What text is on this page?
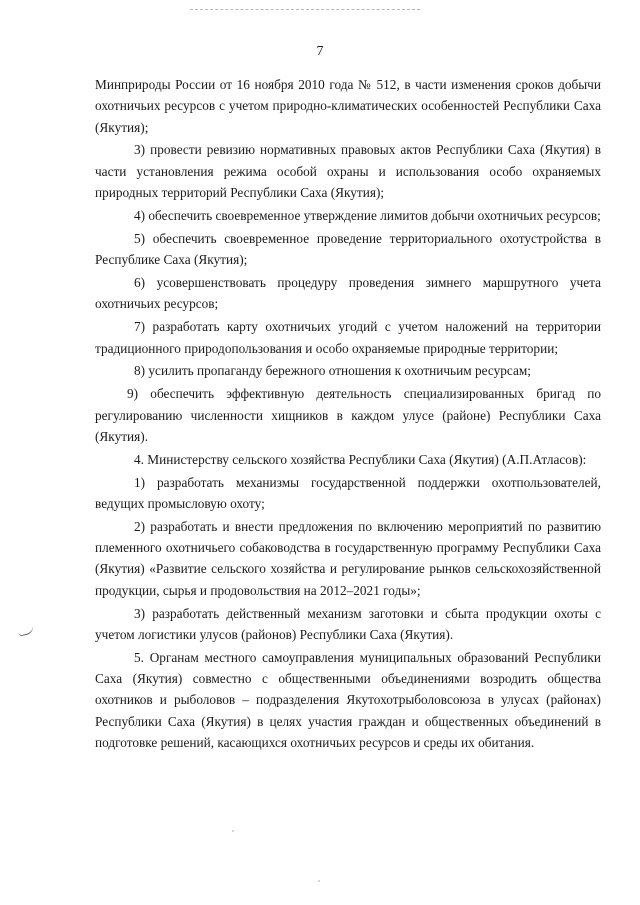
7

Минприроды России от 16 ноября 2010 года № 512, в части изменения сроков добычи охотничьих ресурсов с учетом природно-климатических особенностей Республики Саха (Якутия);

3) провести ревизию нормативных правовых актов Республики Саха (Якутия) в части установления режима особой охраны и использования особо охраняемых природных территорий Республики Саха (Якутия);

4) обеспечить своевременное утверждение лимитов добычи охотничьих ресурсов;

5) обеспечить своевременное проведение территориального охотустройства в Республике Саха (Якутия);

6) усовершенствовать процедуру проведения зимнего маршрутного учета охотничьих ресурсов;

7) разработать карту охотничьих угодий с учетом наложений на территории традиционного природопользования и особо охраняемые природные территории;

8) усилить пропаганду бережного отношения к охотничьим ресурсам;

9) обеспечить эффективную деятельность специализированных бригад по регулированию численности хищников в каждом улусе (районе) Республики Саха (Якутия).

4. Министерству сельского хозяйства Республики Саха (Якутия) (А.П.Атласов):

1) разработать механизмы государственной поддержки охотпользователей, ведущих промысловую охоту;

2) разработать и внести предложения по включению мероприятий по развитию племенного охотничьего собаководства в государственную программу Республики Саха (Якутия) «Развитие сельского хозяйства и регулирование рынков сельскохозяйственной продукции, сырья и продовольствия на 2012–2021 годы»;

3) разработать действенный механизм заготовки и сбыта продукции охоты с учетом логистики улусов (районов) Республики Саха (Якутия).

5. Органам местного самоуправления муниципальных образований Республики Саха (Якутия) совместно с общественными объединениями возродить общества охотников и рыболовов – подразделения Якутохотрыболовсоюза в улусах (районах) Республики Саха (Якутия) в целях участия граждан и общественных объединений в подготовке решений, касающихся охотничьих ресурсов и среды их обитания.
